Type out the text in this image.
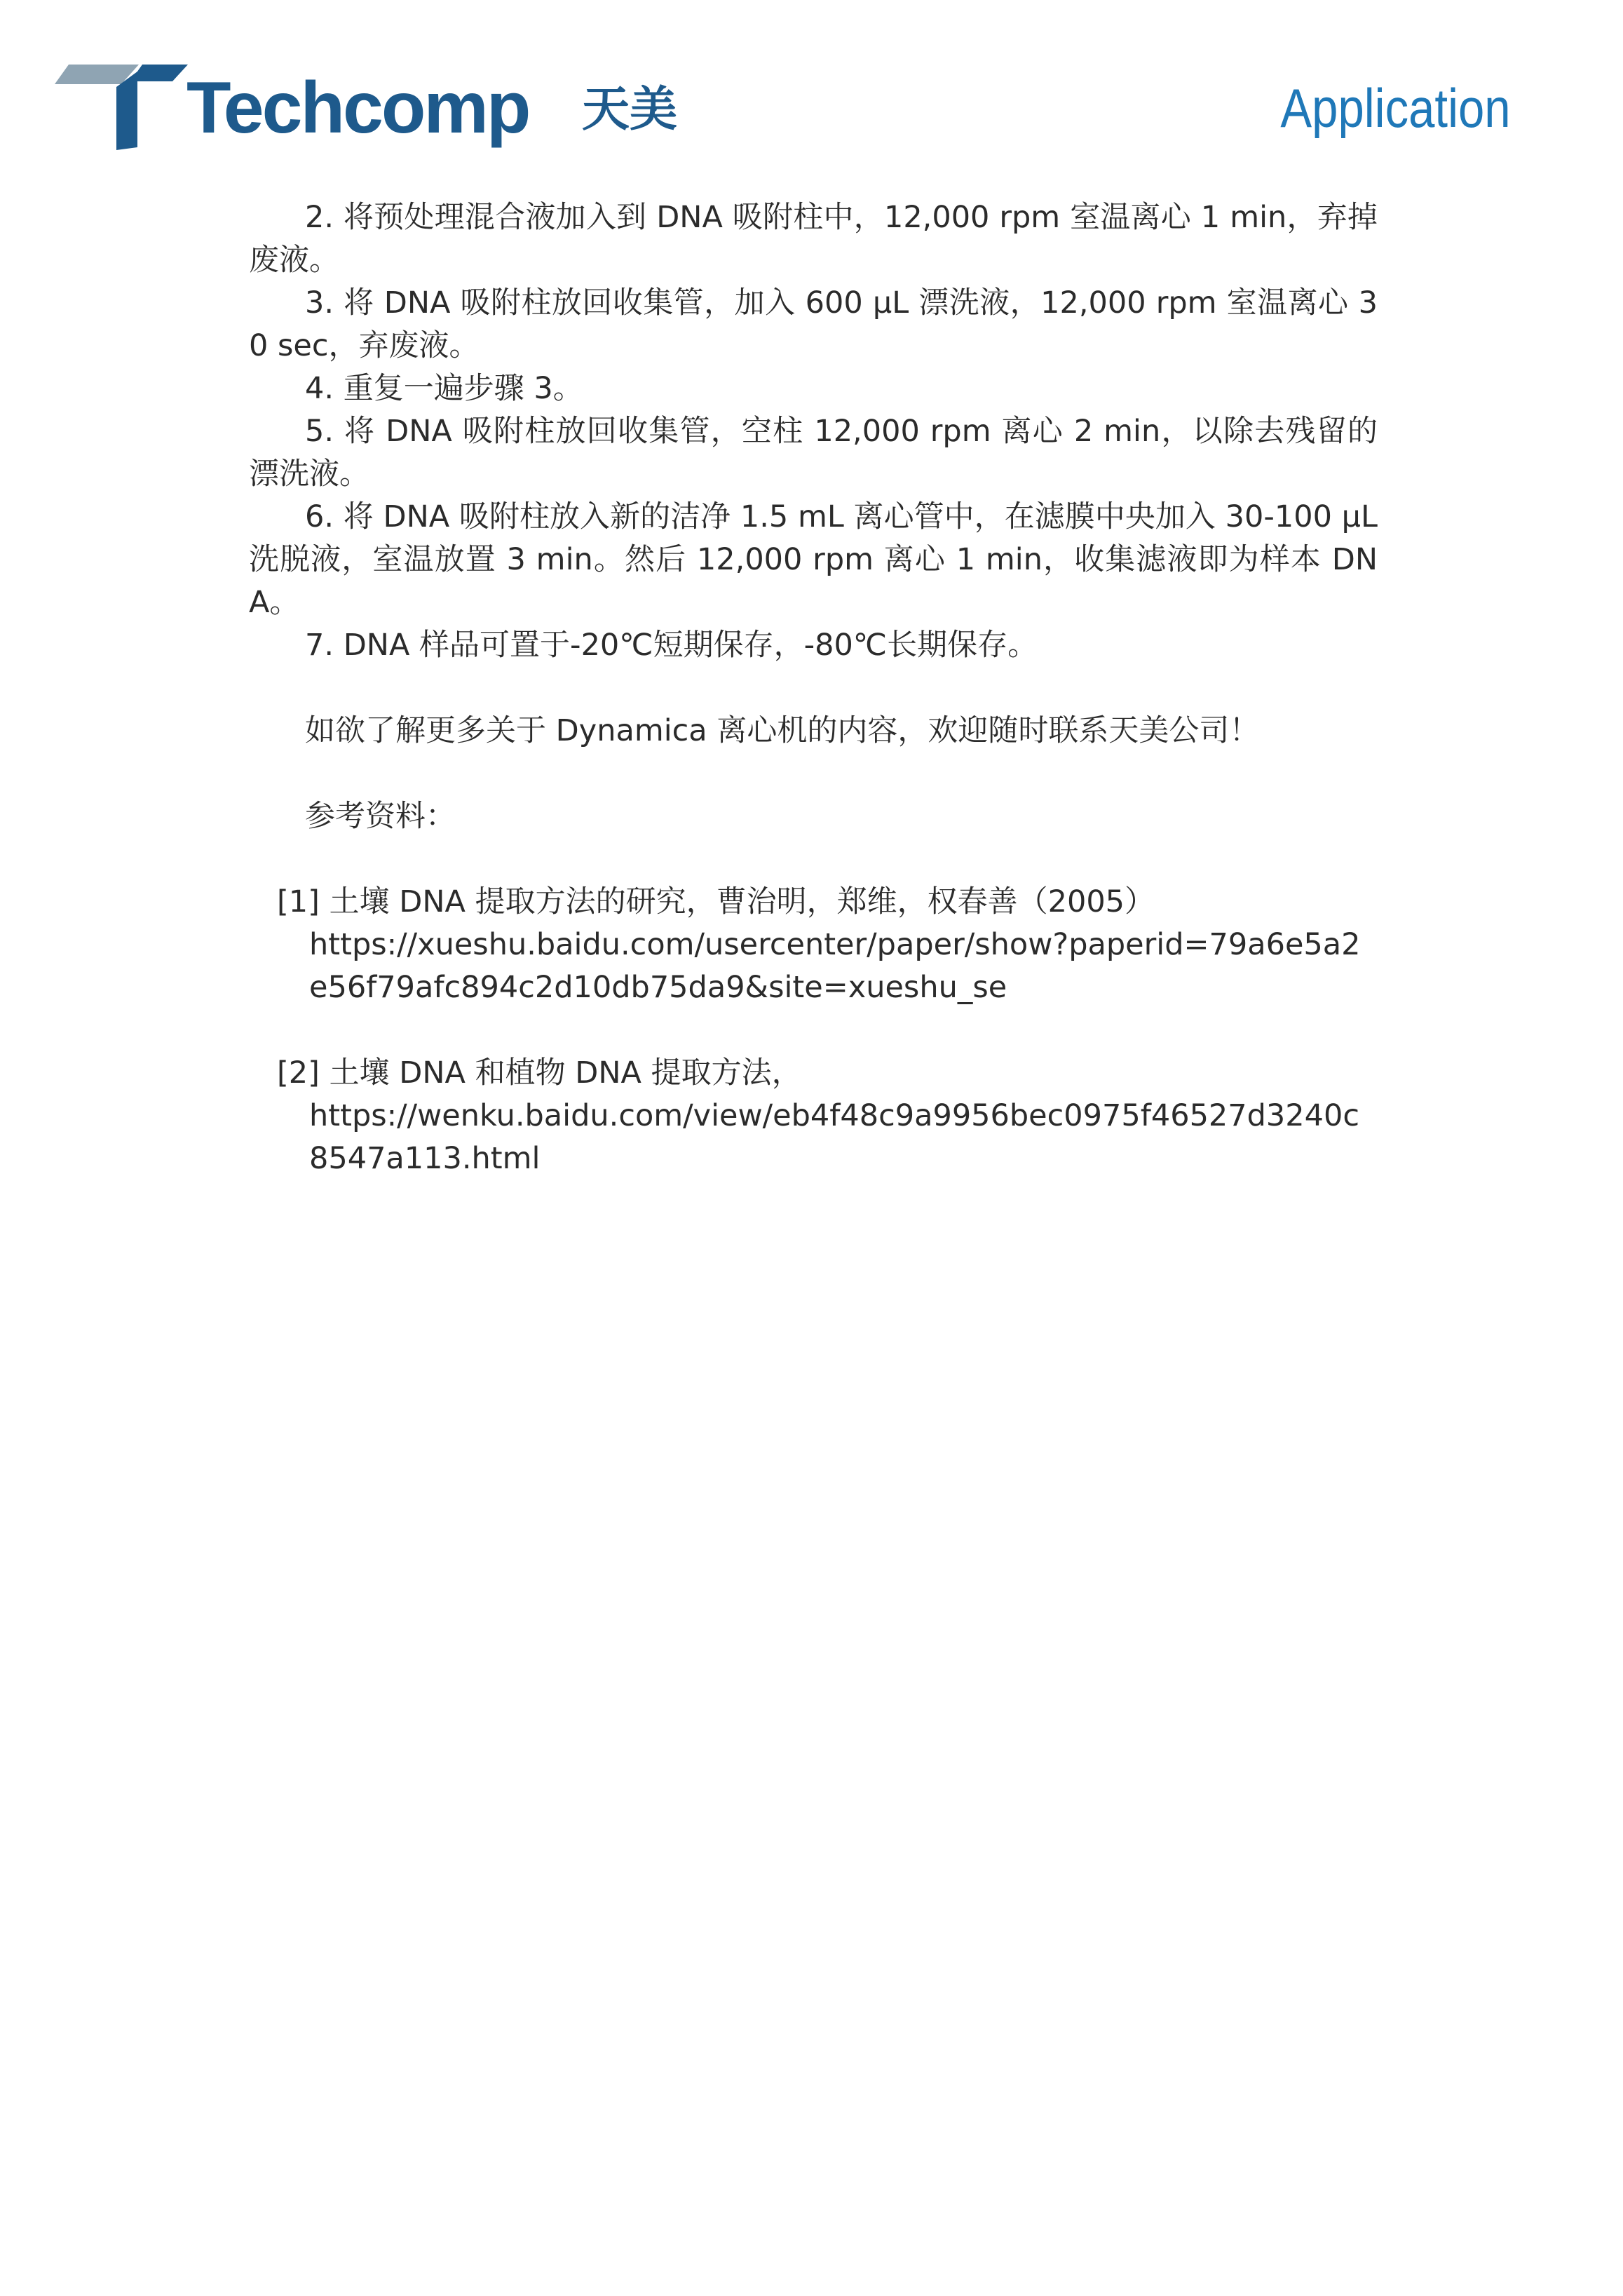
Techcomp 天美	Application

2. 将预处理混合液加入到 DNA 吸附柱中，12,000 rpm 室温离心 1 min，弃掉废液。

3. 将 DNA 吸附柱放回收集管，加入 600 μL 漂洗液，12,000 rpm 室温离心 30 sec，弃废液。

4. 重复一遍步骤 3。

5. 将 DNA 吸附柱放回收集管，空柱 12,000 rpm 离心 2 min，以除去残留的漂洗液。

6. 将 DNA 吸附柱放入新的洁净 1.5 mL 离心管中，在滤膜中央加入 30-100 μL 洗脱液，室温放置 3 min。然后 12,000 rpm 离心 1 min，收集滤液即为样本 DNA。

7. DNA 样品可置于-20℃短期保存，-80℃长期保存。

如欲了解更多关于 Dynamica 离心机的内容，欢迎随时联系天美公司！

参考资料：

[1] 土壤 DNA 提取方法的研究，曹治明，郑维，权春善（2005）
https://xueshu.baidu.com/usercenter/paper/show?paperid=79a6e5a2e56f79afc894c2d10db75da9&site=xueshu_se
[2] 土壤 DNA 和植物 DNA 提取方法，
https://wenku.baidu.com/view/eb4f48c9a9956bec0975f46527d3240c8547a113.html
